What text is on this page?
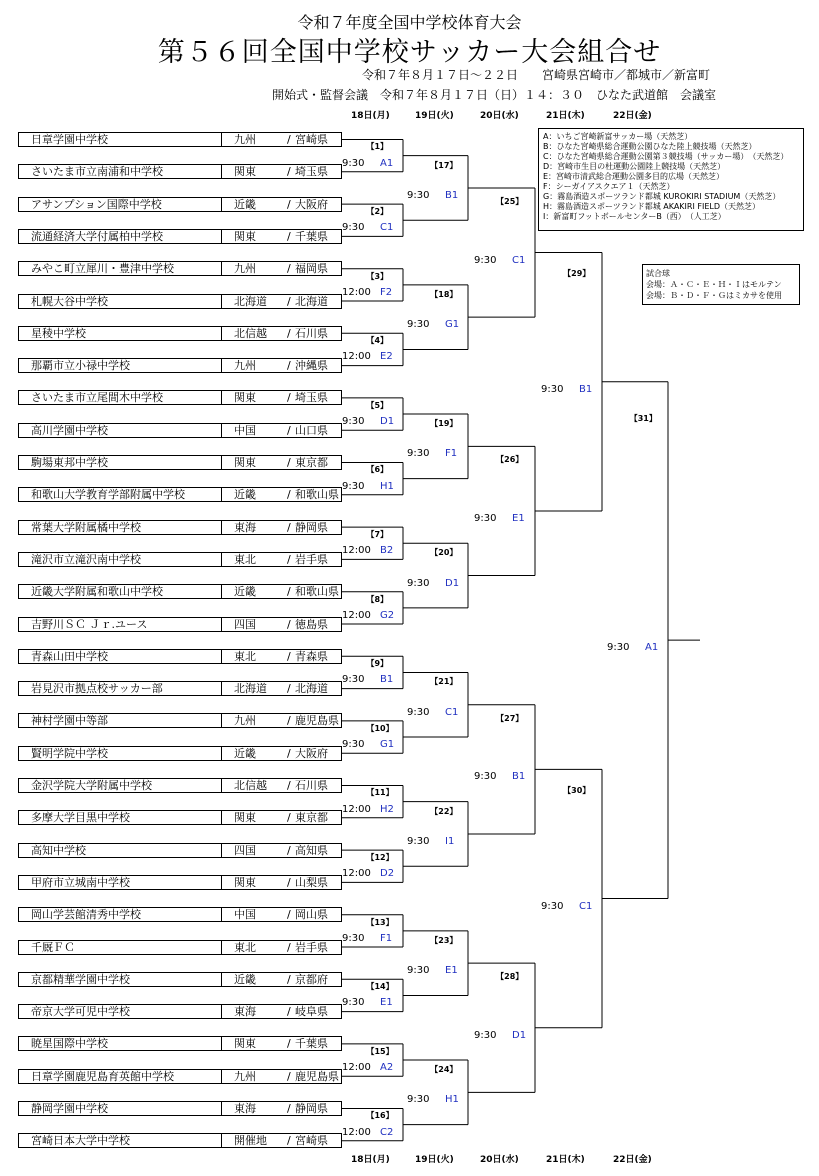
令和７年度全国中学校体育大会
第５６回全国中学校サッカー大会組合せ
令和７年８月１７日～２２日　　宮崎県宮崎市／都城市／新富町
開始式・監督会議　令和７年８月１７日（日）１４：３０　ひなた武道館　会議室
18日(月)	19日(火)	20日(水)	21日(木)	22日(金)
18日(月)	19日(火)	20日(水)	21日(木)	22日(金)
A：いちご宮崎新富サッカー場（天然芝）
B：ひなた宮崎県総合運動公園ひなた陸上競技場（天然芝）
C：ひなた宮崎県総合運動公園第３競技場（サッカー場）　（天然芝）
D：宮崎市生目の杜運動公園陸上競技場（天然芝）
E：宮崎市清武総合運動公園多目的広場（天然芝）
F：シーガイアスクエア１（天然芝）
G：霧島酒造スポーツランド都城 KUROKIRI STADIUM（天然芝）
H：霧島酒造スポーツランド都城 AKAKIRI FIELD（天然芝）
I：新富町フットボールセンターB（西）　（人工芝）
試合球
会場：Ａ・Ｃ・Ｅ・Ｈ・Ｉはモルテン
会場：Ｂ・Ｄ・Ｆ・Ｇはミカサを使用
日章学園中学校	九州	/ 宮崎県
さいたま市立南浦和中学校	関東	/ 埼玉県
アサンプション国際中学校	近畿	/ 大阪府
流通経済大学付属柏中学校	関東	/ 千葉県
みやこ町立犀川・豊津中学校	九州	/ 福岡県
札幌大谷中学校	北海道 / 北海道
星稜中学校	北信越 / 石川県
那覇市立小禄中学校	九州	/ 沖縄県
さいたま市立尾間木中学校	関東	/ 埼玉県
高川学園中学校	中国	/ 山口県
駒場東邦中学校	関東	/ 東京都
和歌山大学教育学部附属中学校	近畿	/ 和歌山県
常葉大学附属橘中学校	東海	/ 静岡県
滝沢市立滝沢南中学校	東北	/ 岩手県
近畿大学附属和歌山中学校	近畿	/ 和歌山県
吉野川ＳＣ Ｊｒ.ユース	四国	/ 徳島県
青森山田中学校	東北	/ 青森県
岩見沢市拠点校サッカー部	北海道 / 北海道
神村学園中等部	九州	/ 鹿児島県
賢明学院中学校	近畿	/ 大阪府
金沢学院大学附属中学校	北信越 / 石川県
多摩大学目黒中学校	関東	/ 東京都
高知中学校	四国	/ 高知県
甲府市立城南中学校	関東	/ 山梨県
岡山学芸館清秀中学校	中国	/ 岡山県
千厩ＦＣ	東北	/ 岩手県
京都精華学園中学校	近畿	/ 京都府
帝京大学可児中学校	東海	/ 岐阜県
暁星国際中学校	関東	/ 千葉県
日章学園鹿児島育英館中学校	九州	/ 鹿児島県
静岡学園中学校	東海	/ 静岡県
宮崎日本大学中学校	開催地 / 宮崎県
【1】
9:30 A1
【2】
9:30 C1
【3】
12:00 F2
【4】
12:00 E2
【5】
9:30 D1
【6】
9:30 H1
【7】
12:00 B2
【8】
12:00 G2
【9】
9:30 B1
【10】
9:30 G1
【11】
12:00 H2
【12】
12:00 D2
【13】
9:30 F1
【14】
9:30 E1
【15】
12:00 A2
【16】
12:00 C2
【17】
9:30 B1
【18】
9:30 G1
【19】
9:30 F1
【20】
9:30 D1
【21】
9:30 C1
【22】
9:30 I1
【23】
9:30 E1
【24】
9:30 H1
【25】
9:30 C1
【26】
9:30 E1
【27】
9:30 B1
【28】
9:30 D1
【29】
9:30 B1
【30】
9:30 C1
【31】
9:30 A1
